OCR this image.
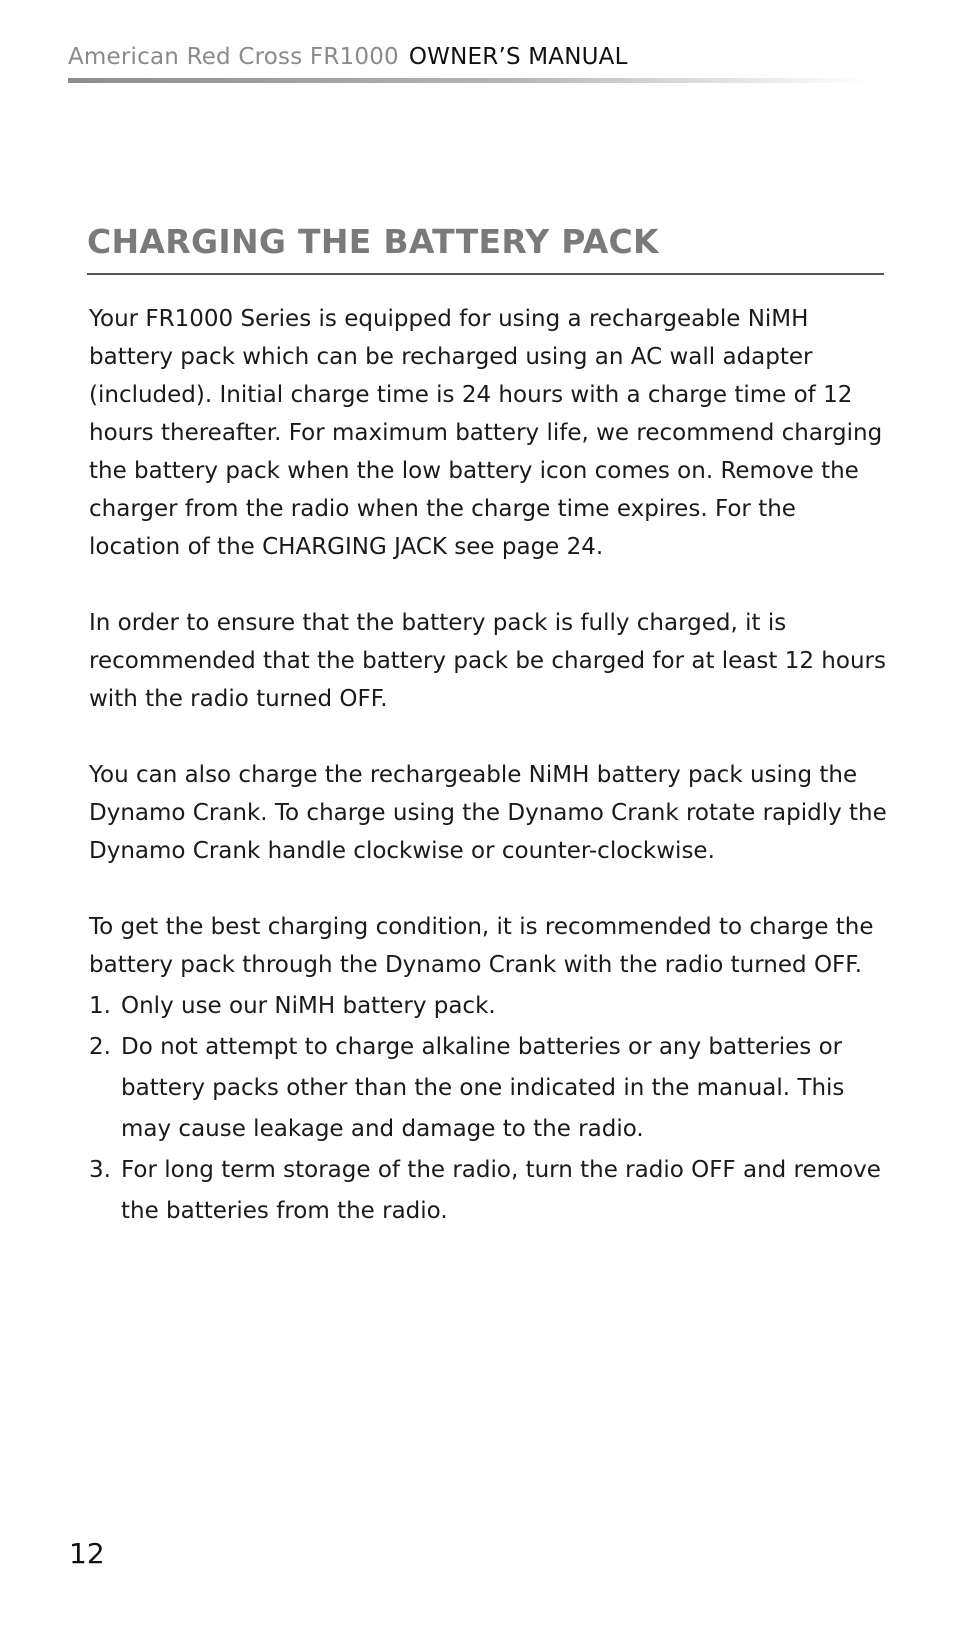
American Red Cross FR1000 OWNER’S MANUAL
CHARGING THE BATTERY PACK

Your FR1000 Series is equipped for using a rechargeable NiMH battery pack which can be recharged using an AC wall adapter (included). Initial charge time is 24 hours with a charge time of 12 hours thereafter. For maximum battery life, we recommend charging the battery pack when the low battery icon comes on. Remove the charger from the radio when the charge time expires. For the location of the CHARGING JACK see page 24.

In order to ensure that the battery pack is fully charged, it is recommended that the battery pack be charged for at least 12 hours with the radio turned OFF.

You can also charge the rechargeable NiMH battery pack using the Dynamo Crank. To charge using the Dynamo Crank rotate rapidly the Dynamo Crank handle clockwise or counter-clockwise.

To get the best charging condition, it is recommended to charge the battery pack through the Dynamo Crank with the radio turned OFF.

1. Only use our NiMH battery pack.
2. Do not attempt to charge alkaline batteries or any batteries or battery packs other than the one indicated in the manual. This may cause leakage and damage to the radio.
3. For long term storage of the radio, turn the radio OFF and remove the batteries from the radio.
12
